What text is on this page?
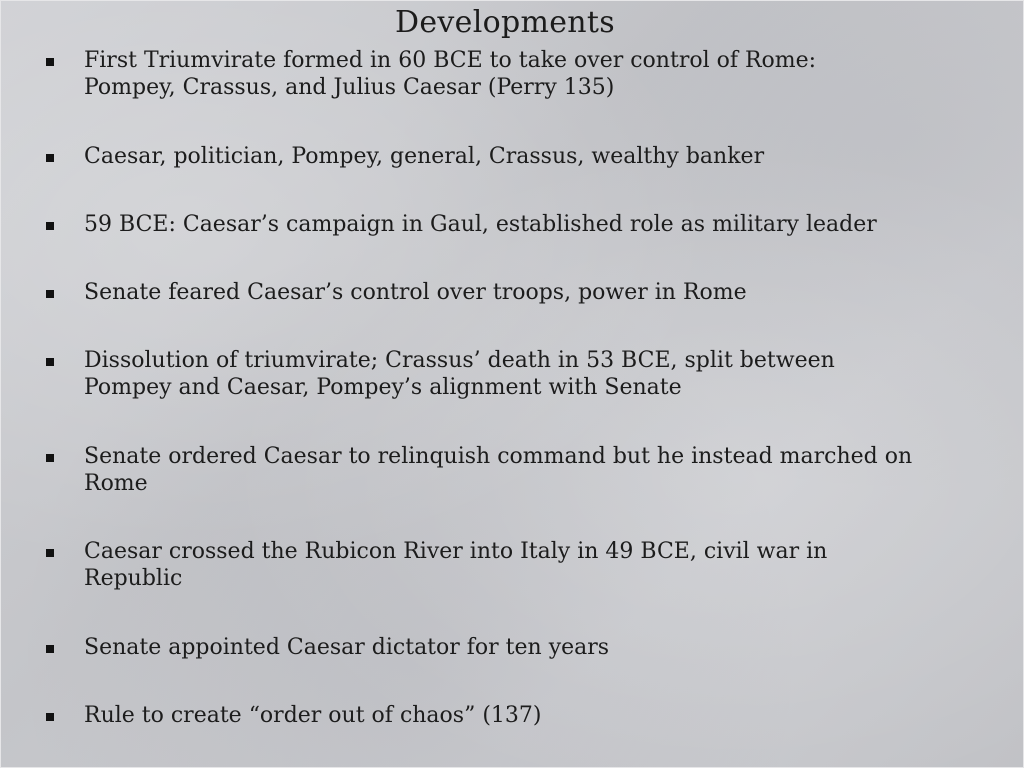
Developments
First Triumvirate formed in 60 BCE to take over control of Rome:
Pompey, Crassus, and Julius Caesar (Perry 135)
Caesar, politician, Pompey, general, Crassus, wealthy banker
59 BCE: Caesar’s campaign in Gaul, established role as military leader
Senate feared Caesar’s control over troops, power in Rome
Dissolution of triumvirate; Crassus’ death in 53 BCE, split between
Pompey and Caesar, Pompey’s alignment with Senate
Senate ordered Caesar to relinquish command but he instead marched on
Rome
Caesar crossed the Rubicon River into Italy in 49 BCE, civil war in
Republic
Senate appointed Caesar dictator for ten years
Rule to create “order out of chaos” (137)
